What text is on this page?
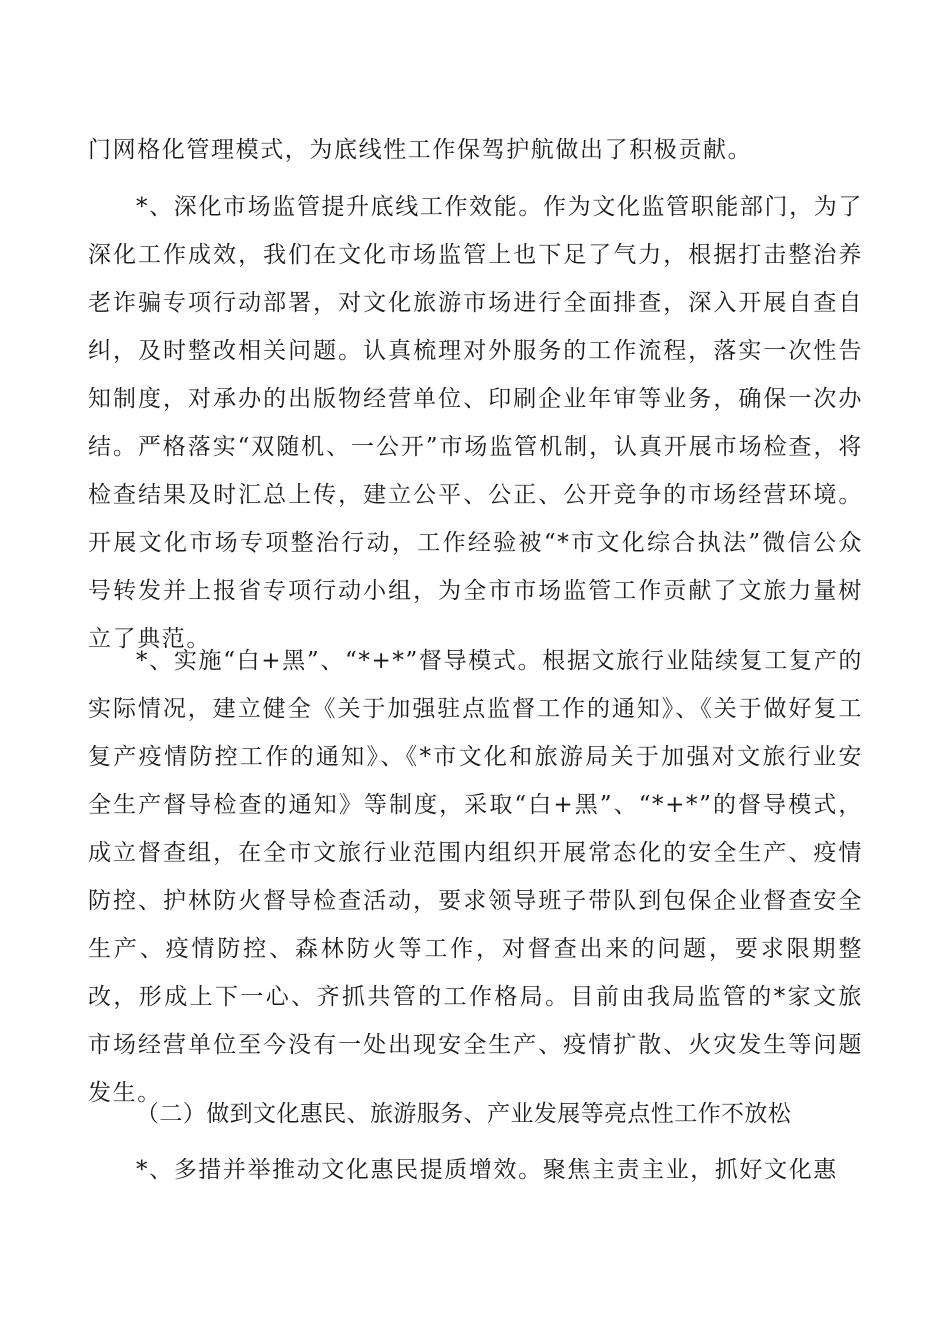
门网格化管理模式，为底线性工作保驾护航做出了积极贡献。

*、深化市场监管提升底线工作效能。作为文化监管职能部门，为了深化工作成效，我们在文化市场监管上也下足了气力，根据打击整治养老诈骗专项行动部署，对文化旅游市场进行全面排查，深入开展自查自纠，及时整改相关问题。认真梳理对外服务的工作流程，落实一次性告知制度，对承办的出版物经营单位、印刷企业年审等业务，确保一次办结。严格落实“双随机、一公开”市场监管机制，认真开展市场检查，将检查结果及时汇总上传，建立公平、公正、公开竞争的市场经营环境。开展文化市场专项整治行动，工作经验被“*市文化综合执法”微信公众号转发并上报省专项行动小组，为全市市场监管工作贡献了文旅力量树立了典范。

*、实施“白+黑”、“*+*”督导模式。根据文旅行业陆续复工复产的实际情况，建立健全《关于加强驻点监督工作的通知》、《关于做好复工复产疫情防控工作的通知》、《*市文化和旅游局关于加强对文旅行业安全生产督导检查的通知》等制度，采取“白+黑”、“*+*”的督导模式，成立督查组，在全市文旅行业范围内组织开展常态化的安全生产、疫情防控、护林防火督导检查活动，要求领导班子带队到包保企业督查安全生产、疫情防控、森林防火等工作，对督查出来的问题，要求限期整改，形成上下一心、齐抓共管的工作格局。目前由我局监管的*家文旅市场经营单位至今没有一处出现安全生产、疫情扩散、火灾发生等问题发生。

（二）做到文化惠民、旅游服务、产业发展等亮点性工作不放松

*、多措并举推动文化惠民提质增效。聚焦主责主业，抓好文化惠
